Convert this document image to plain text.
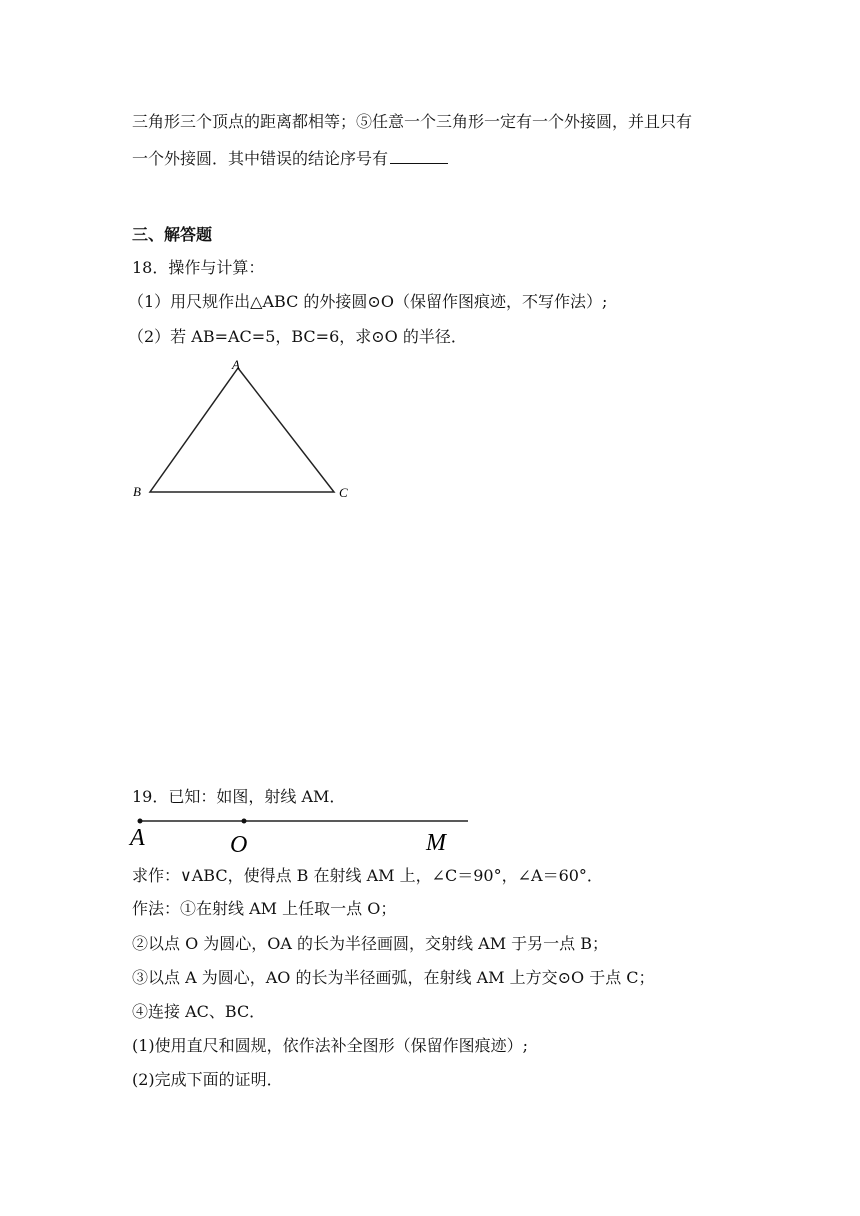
三角形三个顶点的距离都相等；⑤任意一个三角形一定有一个外接圆，并且只有
一个外接圆．其中错误的结论序号有
三、解答题
18．操作与计算：
（1）用尺规作出△ABC 的外接圆⊙O（保留作图痕迹，不写作法）;
（2）若 AB=AC=5，BC=6，求⊙O 的半径．
A
B	C
19．已知：如图，射线 AM．
A	O	M
求作：∨ABC，使得点 B 在射线 AM 上，∠C＝90°，∠A＝60°．
作法：①在射线 AM 上任取一点 O；
②以点 O 为圆心，OA 的长为半径画圆，交射线 AM 于另一点 B；
③以点 A 为圆心，AO 的长为半径画弧，在射线 AM 上方交⊙O 于点 C；
④连接 AC、BC．
(1)使用直尺和圆规，依作法补全图形（保留作图痕迹）;
(2)完成下面的证明．
